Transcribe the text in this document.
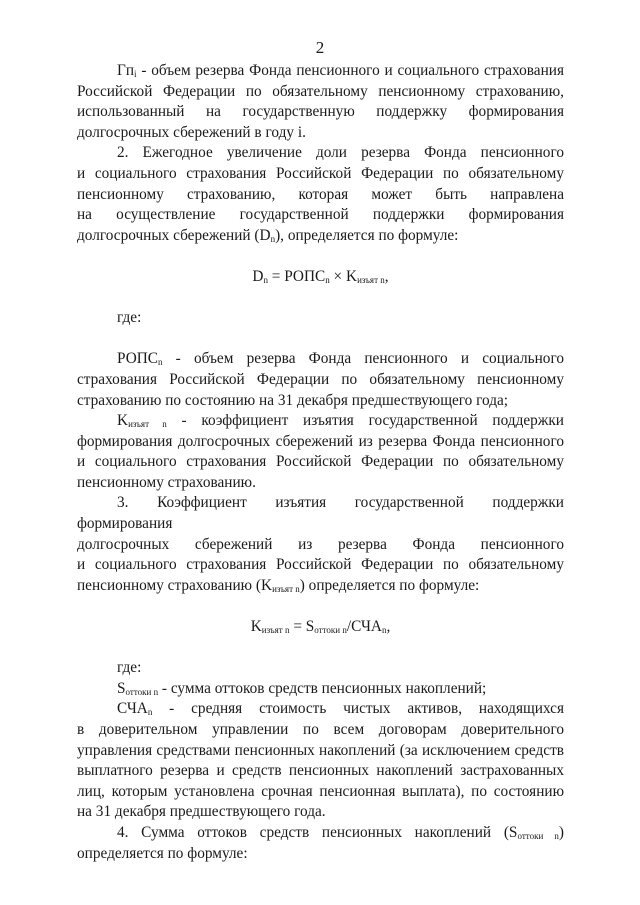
2

$Гп_i$ - объем резерва Фонда пенсионного и социального страхования

Российской Федерации по обязательному пенсионному страхованию,

использованный на государственную поддержку формирования

долгосрочных сбережений в году i.

2. Ежегодное увеличение доли резерва Фонда пенсионного

и социального страхования Российской Федерации по обязательному

пенсионному страхованию, которая может быть направлена

на осуществление государственной поддержки формирования

долгосрочных сбережений $(D_n)$, определяется по формуле:

$D_n$ = $РОПС_n \times K_{изъят n}$,

где:

$РОПС_n$ - объем резерва Фонда пенсионного и социального

страхования Российской Федерации по обязательному пенсионному

страхованию по состоянию на 31 декабря предшествующего года;

$K_{изъят n}$ - коэффициент изъятия государственной поддержки

формирования долгосрочных сбережений из резерва Фонда пенсионного

и социального страхования Российской Федерации по обязательному

пенсионному страхованию.

3. Коэффициент изъятия государственной поддержки формирования

долгосрочных сбережений из резерва Фонда пенсионного

и социального страхования Российской Федерации по обязательному

пенсионному страхованию $(K_{изъят n})$ определяется по формуле:

$K_{изъят n} = S_{оттоки n}/СЧА_n$,

где:

$S_{оттоки n}$ - сумма оттоков средств пенсионных накоплений;

$СЧА_n$ - средняя стоимость чистых активов, находящихся

в доверительном управлении по всем договорам доверительного

управления средствами пенсионных накоплений (за исключением средств

выплатного резерва и средств пенсионных накоплений застрахованных

лиц, которым установлена срочная пенсионная выплата), по состоянию

на 31 декабря предшествующего года.

4. Сумма оттоков средств пенсионных накоплений $(S_{оттоки n})$

определяется по формуле:
